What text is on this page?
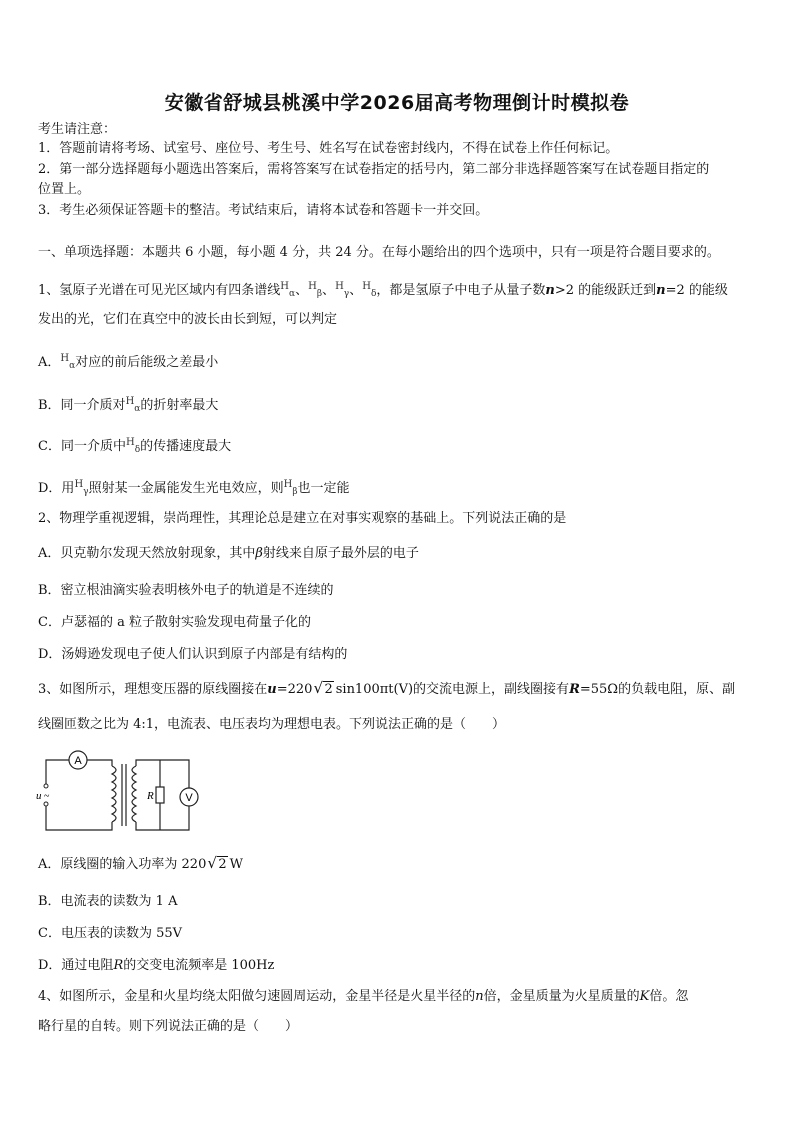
安徽省舒城县桃溪中学2026届高考物理倒计时模拟卷
考生请注意：
1．答题前请将考场、试室号、座位号、考生号、姓名写在试卷密封线内，不得在试卷上作任何标记。
2．第一部分选择题每小题选出答案后，需将答案写在试卷指定的括号内，第二部分非选择题答案写在试卷题目指定的
位置上。
3．考生必须保证答题卡的整洁。考试结束后，请将本试卷和答题卡一并交回。
一、单项选择题：本题共 6 小题，每小题 4 分，共 24 分。在每小题给出的四个选项中，只有一项是符合题目要求的。
1、氢原子光谱在可见光区域内有四条谱线$^H_\alpha$、$^H_\beta$、$^H_\gamma$、$^H_\delta$，都是氢原子中电子从量子数n>2 的能级跃迁到n=2 的能级
发出的光，它们在真空中的波长由长到短，可以判定
A．$^H_\alpha$对应的前后能级之差最小
B．同一介质对$^H_\alpha$的折射率最大
C．同一介质中$^H_\delta$的传播速度最大
D．用$^H_\gamma$照射某一金属能发生光电效应，则$^H_\beta$也一定能
2、物理学重视逻辑，崇尚理性，其理论总是建立在对事实观察的基础上。下列说法正确的是
A．贝克勒尔发现天然放射现象，其中β射线来自原子最外层的电子
B．密立根油滴实验表明核外电子的轨道是不连续的
C．卢瑟福的 a 粒子散射实验发现电荷量子化的
D．汤姆逊发现电子使人们认识到原子内部是有结构的
3、如图所示，理想变压器的原线圈接在u=220 √ 2 sin100πt(V)的交流电源上，副线圈接有R=55Ω的负载电阻，原、副
线圈匝数之比为 4:1，电流表、电压表均为理想电表。下列说法正确的是（　　）
A
V
R
u ~
A．原线圈的输入功率为 220 √ 2 W
B．电流表的读数为 1 A
C．电压表的读数为 55V
D．通过电阻R的交变电流频率是 100Hz
4、如图所示，金星和火星均绕太阳做匀速圆周运动，金星半径是火星半径的n倍，金星质量为火星质量的K倍。忽
略行星的自转。则下列说法正确的是（　　）
